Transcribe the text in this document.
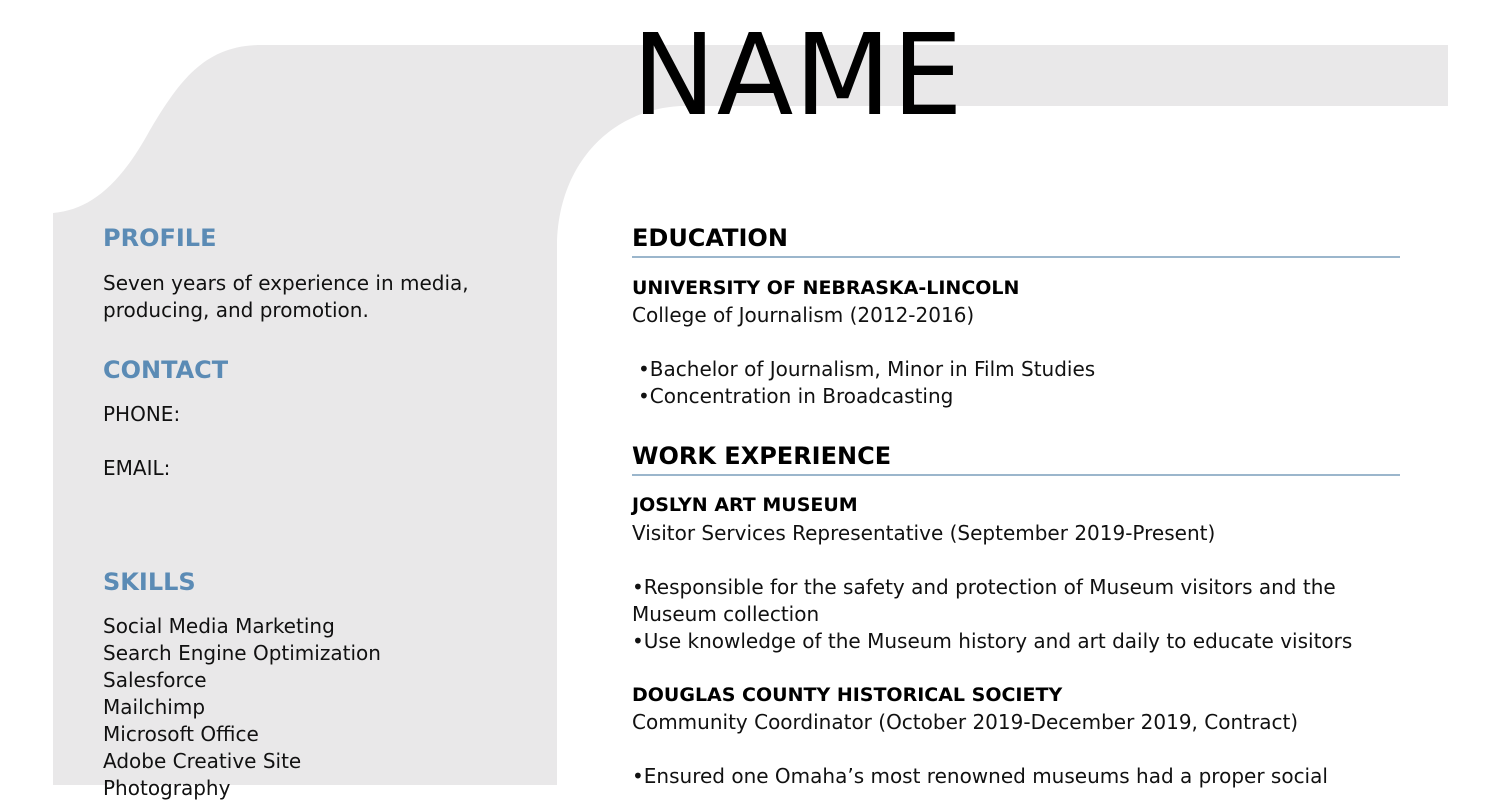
NAME
PROFILE

Seven years of experience in media,

producing, and promotion.

CONTACT

PHONE:

EMAIL:

SKILLS
Social Media Marketing
Search Engine Optimization
Salesforce
Mailchimp
Microsoft Office
Adobe Creative Site
Photography
EDUCATION

UNIVERSITY OF NEBRASKA-LINCOLN

College of Journalism (2012-2016)

•Bachelor of Journalism, Minor in Film Studies
•Concentration in Broadcasting
WORK EXPERIENCE

JOSLYN ART MUSEUM

Visitor Services Representative (September 2019-Present)

•Responsible for the safety and protection of Museum visitors and the Museum collection
•Use knowledge of the Museum history and art daily to educate visitors

DOUGLAS COUNTY HISTORICAL SOCIETY

Community Coordinator (October 2019-December 2019, Contract)

•Ensured one Omaha’s most renowned museums had a proper social
